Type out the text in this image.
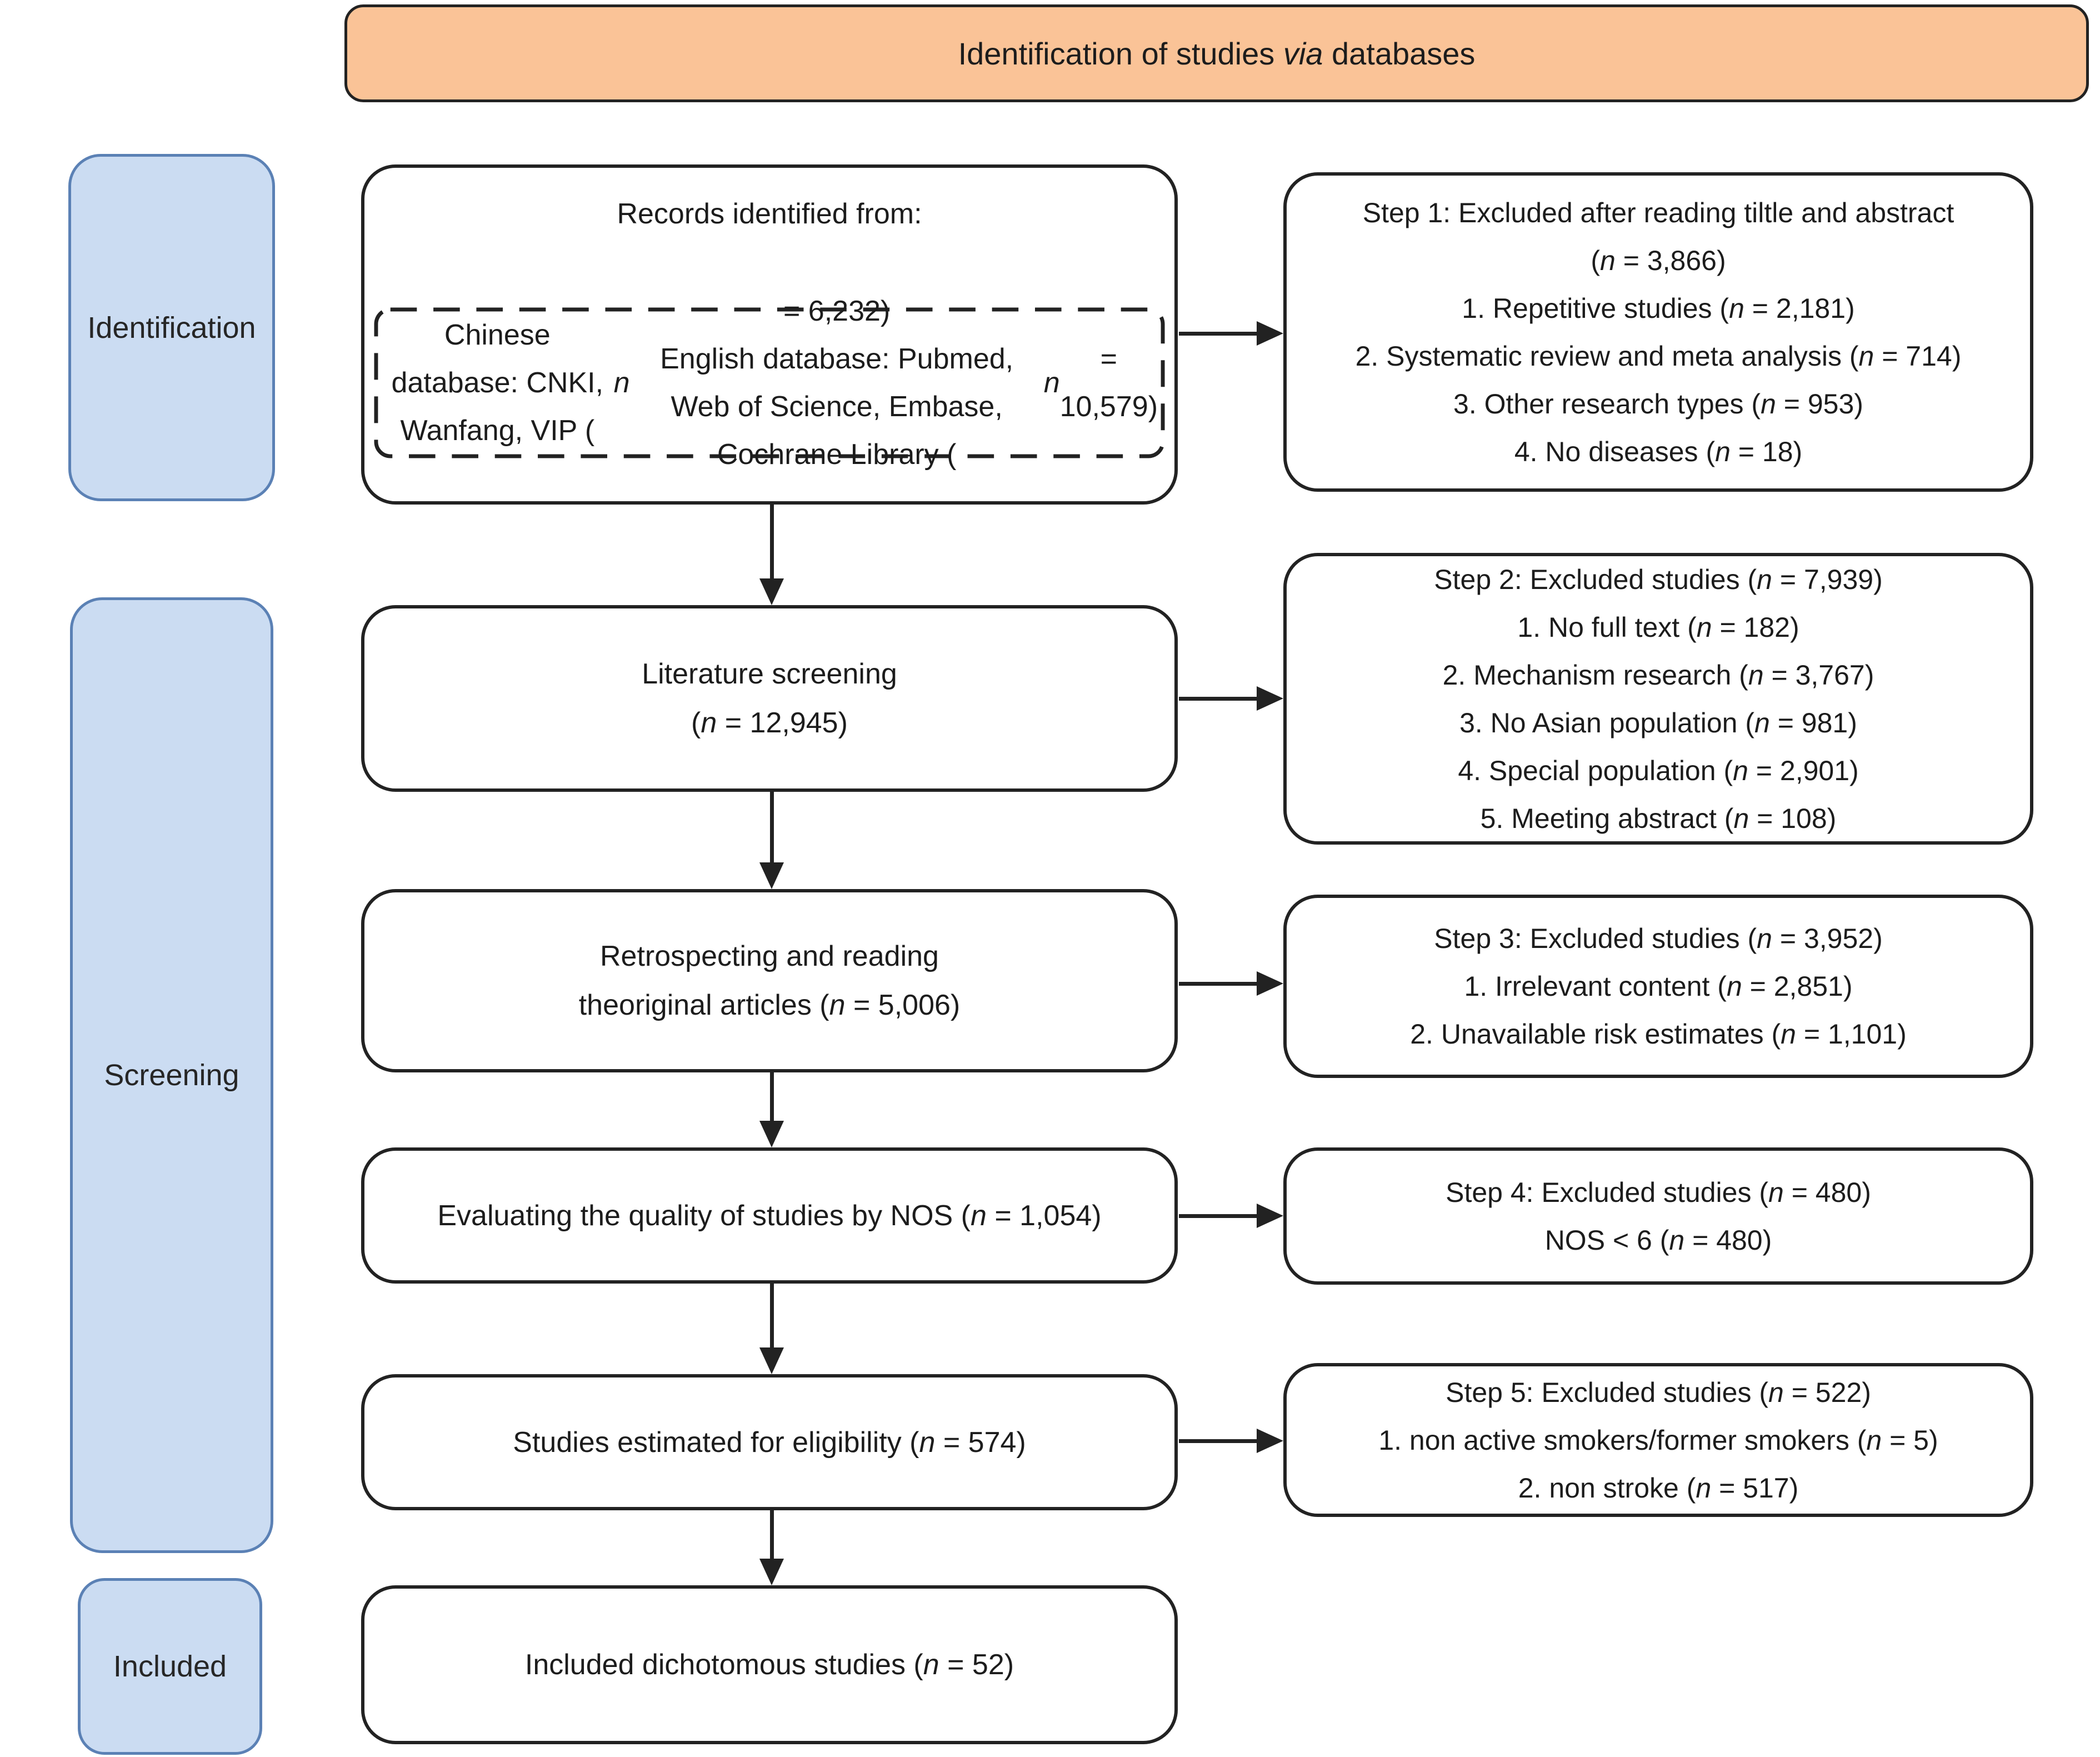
Identification of studies via databases
Identification
Screening
Included
Records identified from:
Chinese database: CNKI, Wanfang, VIP (
n
= 6,232)
English database: Pubmed, Web of Science, Embase, Cochrane Library (
n
= 10,579)
Literature screening
(n = 12,945)
Retrospecting and reading
theoriginal articles (n = 5,006)
Evaluating the quality of studies by NOS (n = 1,054)
Studies estimated for eligibility (n = 574)
Included dichotomous studies (n = 52)
Step 1: Excluded after reading tiltle and abstract
(n = 3,866)
1. Repetitive studies (n = 2,181)
2. Systematic review and meta analysis (n = 714)
3. Other research types (n = 953)
4. No diseases (n = 18)
Step 2: Excluded studies (n = 7,939)
1. No full text (n = 182)
2. Mechanism research (n = 3,767)
3. No Asian population (n = 981)
4. Special population (n = 2,901)
5. Meeting abstract (n = 108)
Step 3: Excluded studies (n = 3,952)
1. Irrelevant content (n = 2,851)
2. Unavailable risk estimates (n = 1,101)
Step 4: Excluded studies (n = 480)
NOS < 6 (n = 480)
Step 5: Excluded studies (n = 522)
1. non active smokers/former smokers (n = 5)
2. non stroke (n = 517)
